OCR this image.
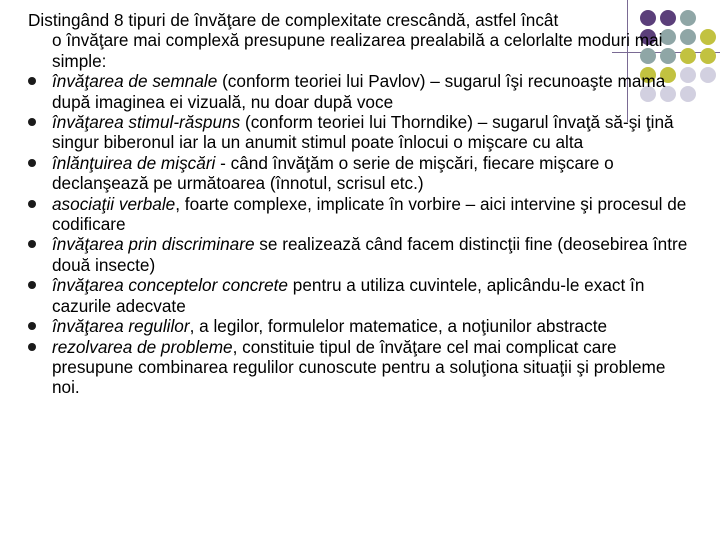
Distingând 8 tipuri de învăţare de complexitate crescândă, astfel încât
o învăţare mai complexă presupune realizarea prealabilă a celorlalte moduri mai simple:

învăţarea de semnale (conform teoriei lui Pavlov) – sugarul îşi recunoaşte mama după imaginea ei vizuală, nu doar după voce
învăţarea stimul-răspuns (conform teoriei lui Thorndike) – sugarul învaţă să-şi ţină singur biberonul iar la un anumit stimul poate înlocui o mişcare cu alta
înlănţuirea de mişcări - când învăţăm o serie de mişcări, fiecare mişcare o declanşează pe următoarea (înnotul, scrisul etc.)
asociaţii verbale, foarte complexe, implicate în vorbire – aici intervine şi procesul de codificare
învăţarea prin discriminare se realizează când facem distincţii fine (deosebirea între două insecte)
învăţarea conceptelor concrete pentru a utiliza cuvintele, aplicându-le exact în cazurile adecvate
învăţarea regulilor, a legilor, formulelor matematice, a noţiunilor abstracte
rezolvarea de probleme, constituie tipul de învăţare cel mai complicat care presupune combinarea regulilor cunoscute pentru a soluţiona situaţii şi probleme noi.
